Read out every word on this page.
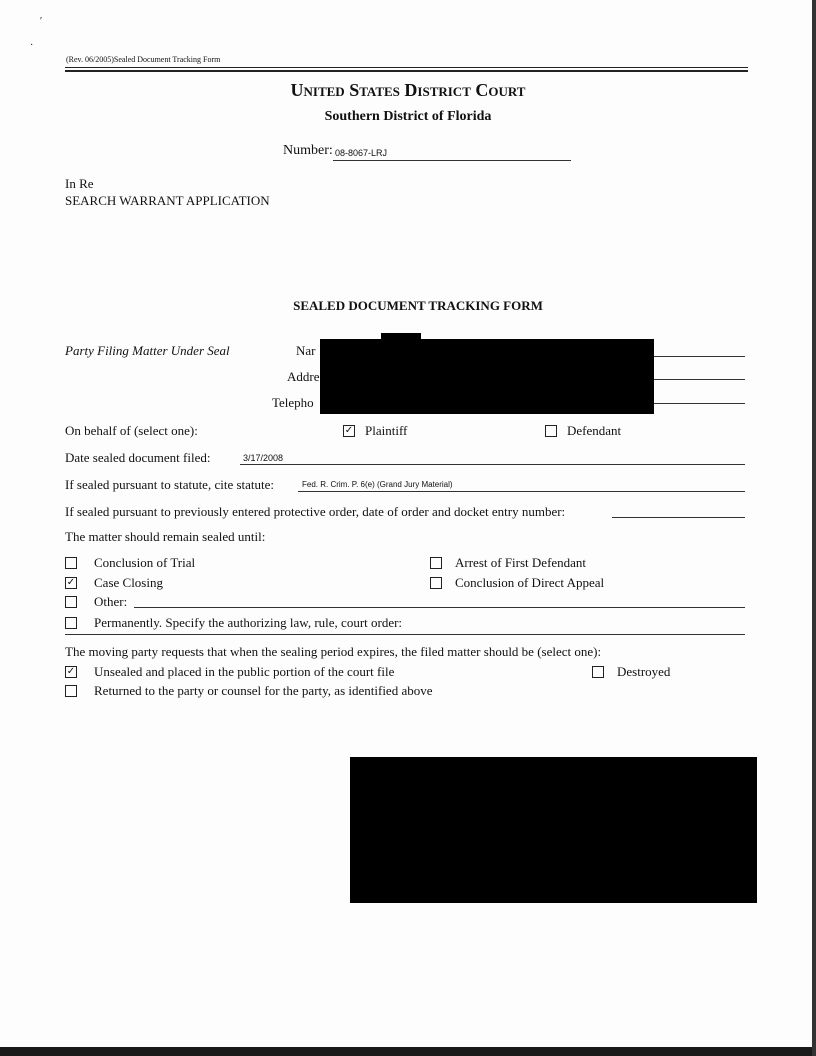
′
·
(Rev. 06/2005)Sealed Document Tracking Form
United States District Court
Southern District of Florida
Number: 08-8067-LRJ
In Re
SEARCH WARRANT APPLICATION
SEALED DOCUMENT TRACKING FORM
Party Filing Matter Under Seal	Nar
Addre
Telepho
On behalf of (select one):	✓ Plaintiff	Defendant
Date sealed document filed:	3/17/2008
If sealed pursuant to statute, cite statute:	Fed. R. Crim. P. 6(e) (Grand Jury Material)
If sealed pursuant to previously entered protective order, date of order and docket entry number:
The matter should remain sealed until:
Conclusion of Trial	Arrest of First Defendant
✓ Case Closing	Conclusion of Direct Appeal
Other:
Permanently. Specify the authorizing law, rule, court order:
The moving party requests that when the sealing period expires, the filed matter should be (select one):
✓ Unsealed and placed in the public portion of the court file	Destroyed
Returned to the party or counsel for the party, as identified above
